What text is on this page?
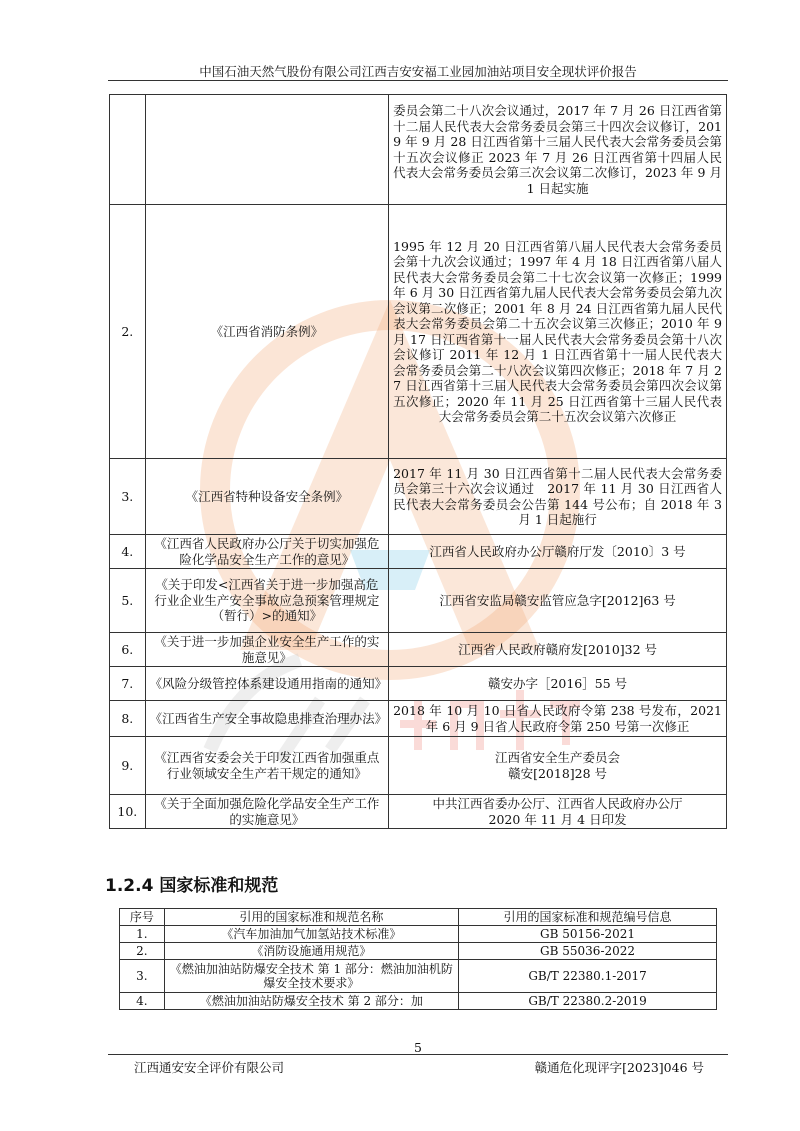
中国石油天然气股份有限公司江西吉安安福工业园加油站项目安全现状评价报告
		委员会第二十八次会议通过，2017 年 7 月 26 日江西省第十二届人民代表大会常务委员会第三十四次会议修订，2019 年 9 月 28 日江西省第十三届人民代表大会常务委员会第十五次会议修正 2023 年 7 月 26 日江西省第十四届人民代表大会常务委员会第三次会议第二次修订，2023 年 9 月 1 日起实施
2.	《江西省消防条例》	1995 年 12 月 20 日江西省第八届人民代表大会常务委员会第十九次会议通过；1997 年 4 月 18 日江西省第八届人民代表大会常务委员会第二十七次会议第一次修正；1999 年 6 月 30 日江西省第九届人民代表大会常务委员会第九次会议第二次修正；2001 年 8 月 24 日江西省第九届人民代表大会常务委员会第二十五次会议第三次修正；2010 年 9 月 17 日江西省第十一届人民代表大会常务委员会第十八次会议修订 2011 年 12 月 1 日江西省第十一届人民代表大会常务委员会第二十八次会议第四次修正；2018 年 7 月 27 日江西省第十三届人民代表大会常务委员会第四次会议第五次修正；2020 年 11 月 25 日江西省第十三届人民代表大会常务委员会第二十五次会议第六次修正
3.	《江西省特种设备安全条例》	2017 年 11 月 30 日江西省第十二届人民代表大会常务委员会第三十六次会议通过　2017 年 11 月 30 日江西省人民代表大会常务委员会公告第 144 号公布；自 2018 年 3 月 1 日起施行
4.	《江西省人民政府办公厅关于切实加强危险化学品安全生产工作的意见》	江西省人民政府办公厅赣府厅发〔2010〕3 号
5.	《关于印发<江西省关于进一步加强高危行业企业生产安全事故应急预案管理规定（暂行）>的通知》	江西省安监局赣安监管应急字[2012]63 号
6.	《关于进一步加强企业安全生产工作的实施意见》	江西省人民政府赣府发[2010]32 号
7.	《风险分级管控体系建设通用指南的通知》	赣安办字［2016］55 号
8.	《江西省生产安全事故隐患排查治理办法》	2018 年 10 月 10 日省人民政府令第 238 号发布，2021 年 6 月 9 日省人民政府令第 250 号第一次修正
9.	《江西省安委会关于印发江西省加强重点行业领域安全生产若干规定的通知》	江西省安全生产委员会
赣安[2018]28 号
10.	《关于全面加强危险化学品安全生产工作的实施意见》	中共江西省委办公厅、江西省人民政府办公厅
2020 年 11 月 4 日印发
1.2.4 国家标准和规范
序号	引用的国家标准和规范名称	引用的国家标准和规范编号信息
1.	《汽车加油加气加氢站技术标准》	GB 50156-2021
2.	《消防设施通用规范》	GB 55036-2022
3.	《燃油加油站防爆安全技术 第 1 部分：燃油加油机防爆安全技术要求》	GB/T 22380.1-2017
4.	《燃油加油站防爆安全技术 第 2 部分：加	GB/T 22380.2-2019
5
江西通安安全评价有限公司	赣通危化现评字[2023]046 号
